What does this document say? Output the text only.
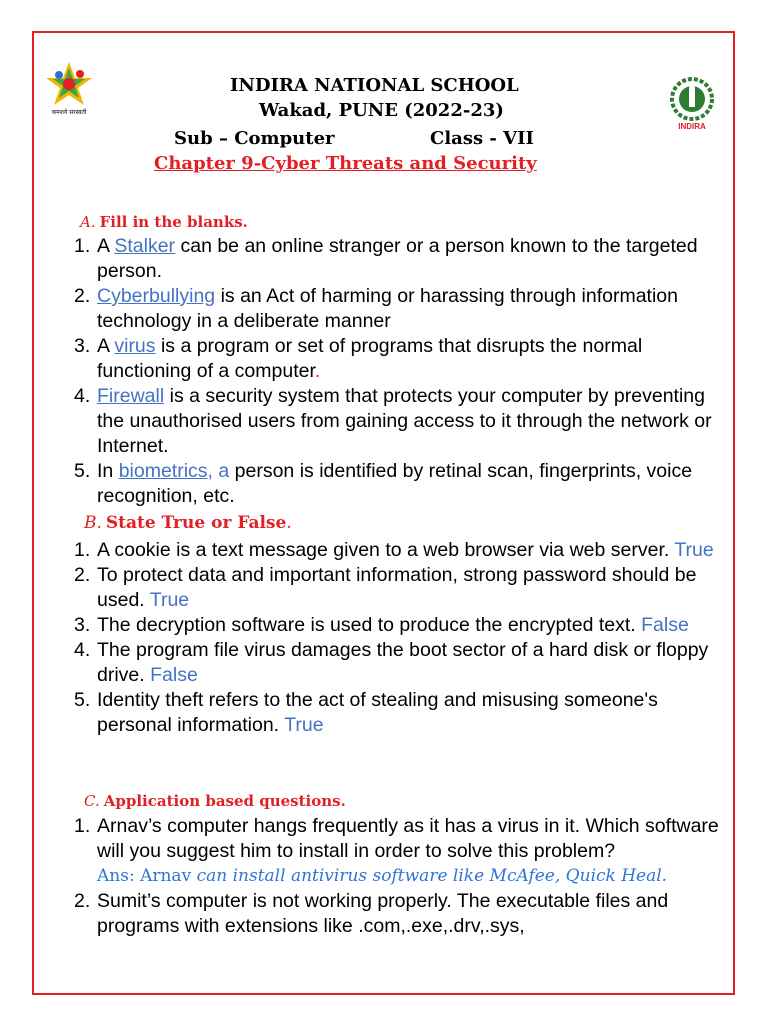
कमशये सरस्वती
INDIRA
INDIRA NATIONAL SCHOOL
Wakad, PUNE (2022-23)
Sub – Computer	Class - VII
Chapter 9-Cyber Threats and Security
A. Fill in the blanks.
1. A Stalker can be an online stranger or a person known to the targeted person.
2. Cyberbullying is an Act of harming or harassing through information technology in a deliberate manner
3. A virus is a program or set of programs that disrupts the normal functioning of a computer.
4. Firewall is a security system that protects your computer by preventing the unauthorised users from gaining access to it through the network or Internet.
5. In biometrics, a person is identified by retinal scan, fingerprints, voice recognition, etc.
B. State True or False.
1. A cookie is a text message given to a web browser via web server. True
2. To protect data and important information, strong password should be used. True
3. The decryption software is used to produce the encrypted text. False
4. The program file virus damages the boot sector of a hard disk or floppy drive. False
5. Identity theft refers to the act of stealing and misusing someone's personal information. True
C. Application based questions.
1. Arnav’s computer hangs frequently as it has a virus in it. Which software will you suggest him to install in order to solve this problem?
Ans: Arnav can install antivirus software like McAfee, Quick Heal.
2. Sumit’s computer is not working properly. The executable files and programs with extensions like .com,.exe,.drv,.sys,
